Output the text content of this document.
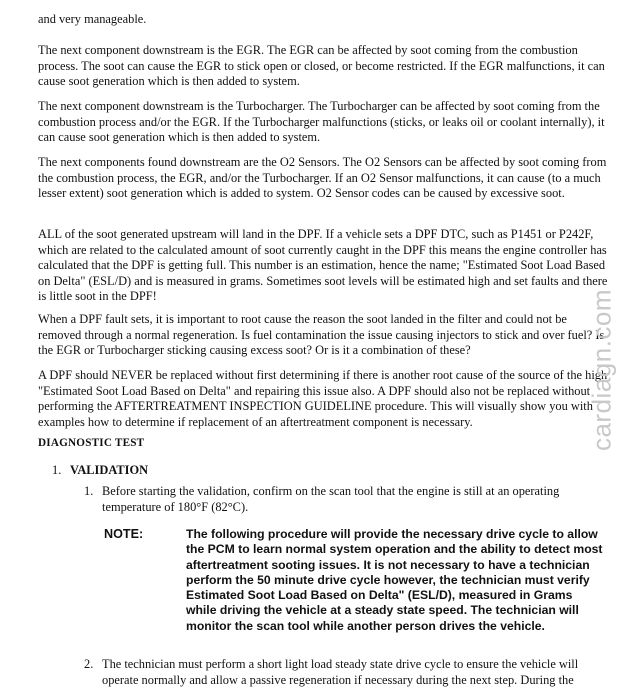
and very manageable.

The next component downstream is the EGR. The EGR can be affected by soot coming from the combustion process. The soot can cause the EGR to stick open or closed, or become restricted. If the EGR malfunctions, it can cause soot generation which is then added to system.

The next component downstream is the Turbocharger. The Turbocharger can be affected by soot coming from the combustion process and/or the EGR. If the Turbocharger malfunctions (sticks, or leaks oil or coolant internally), it can cause soot generation which is then added to system.

The next components found downstream are the O2 Sensors. The O2 Sensors can be affected by soot coming from the combustion process, the EGR, and/or the Turbocharger. If an O2 Sensor malfunctions, it can cause (to a much lesser extent) soot generation which is added to system. O2 Sensor codes can be caused by excessive soot.

ALL of the soot generated upstream will land in the DPF. If a vehicle sets a DPF DTC, such as P1451 or P242F, which are related to the calculated amount of soot currently caught in the DPF this means the engine controller has calculated that the DPF is getting full. This number is an estimation, hence the name; "Estimated Soot Load Based on Delta" (ESL/D) and is measured in grams. Sometimes soot levels will be estimated high and set faults and there is little soot in the DPF!

When a DPF fault sets, it is important to root cause the reason the soot landed in the filter and could not be removed through a normal regeneration. Is fuel contamination the issue causing injectors to stick and over fuel? Is the EGR or Turbocharger sticking causing excess soot? Or is it a combination of these?

A DPF should NEVER be replaced without first determining if there is another root cause of the source of the high "Estimated Soot Load Based on Delta" and repairing this issue also. A DPF should also not be replaced without performing the AFTERTREATMENT INSPECTION GUIDELINE procedure. This will visually show you with examples how to determine if replacement of an aftertreatment component is necessary.

DIAGNOSTIC TEST
1. VALIDATION
1. Before starting the validation, confirm on the scan tool that the engine is still at an operating temperature of 180°F (82°C).

NOTE:	The following procedure will provide the necessary drive cycle to allow the PCM to learn normal system operation and the ability to detect most aftertreatment sooting issues. It is not necessary to have a technician perform the 50 minute drive cycle however, the technician must verify Estimated Soot Load Based on Delta" (ESL/D), measured in Grams while driving the vehicle at a steady state speed. The technician will monitor the scan tool while another person drives the vehicle.

2. The technician must perform a short light load steady state drive cycle to ensure the vehicle will operate normally and allow a passive regeneration if necessary during the next step. During the

cardiagn.com
